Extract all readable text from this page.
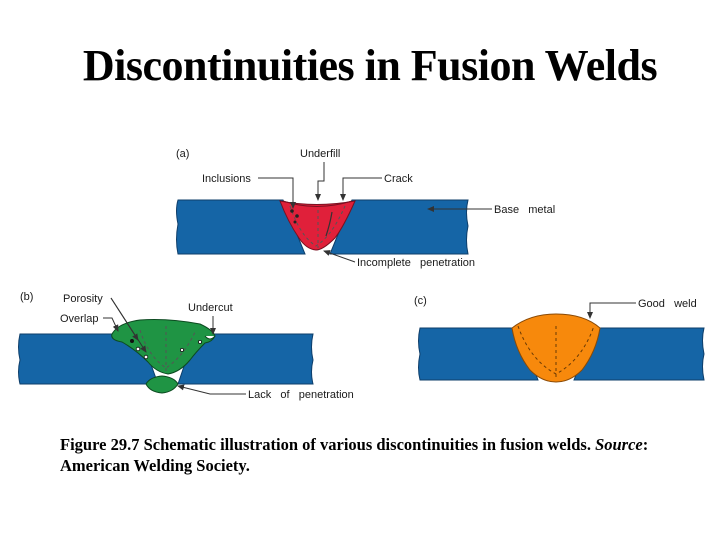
Discontinuities in Fusion Welds
(a)	Underfill
Inclusions	Crack
Base   metal
Incomplete   penetration
(b)	Porosity
Overlap
Undercut
Lack   of   penetration
(c)	Good   weld
Figure 29.7 Schematic illustration of various discontinuities in fusion welds. Source: American Welding Society.
